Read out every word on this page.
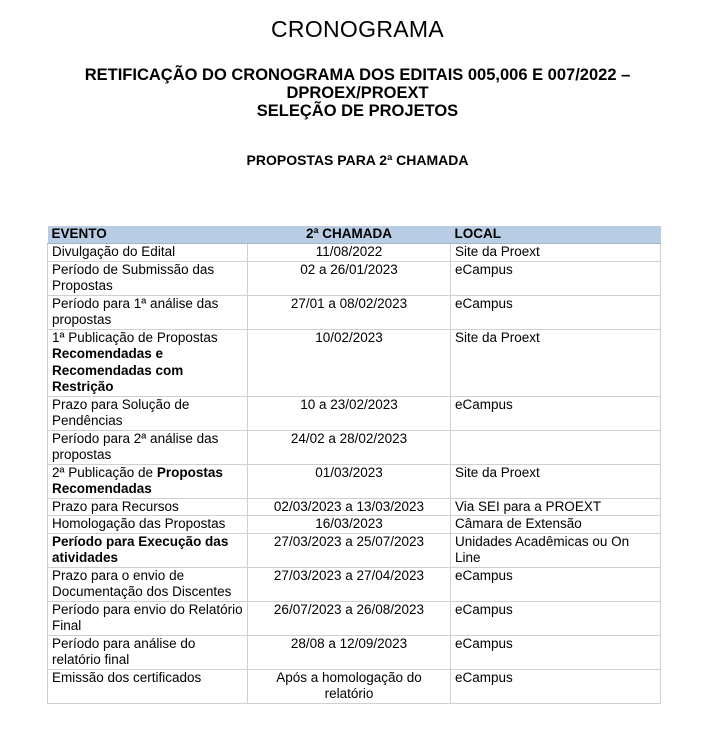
CRONOGRAMA
RETIFICAÇÃO DO CRONOGRAMA DOS EDITAIS 005,006 E 007/2022 –
DPROEX/PROEXT
SELEÇÃO DE PROJETOS
PROPOSTAS PARA 2ª CHAMADA
EVENTO	2ª CHAMADA	LOCAL
Divulgação do Edital	11/08/2022	Site da Proext
Período de Submissão das Propostas	02 a 26/01/2023	eCampus
Período para 1ª análise das propostas	27/01 a 08/02/2023	eCampus
1ª Publicação de Propostas Recomendadas e Recomendadas com Restrição	10/02/2023	Site da Proext
Prazo para Solução de Pendências	10 a 23/02/2023	eCampus
Período para 2ª análise das propostas	24/02 a 28/02/2023	
2ª Publicação de Propostas Recomendadas	01/03/2023	Site da Proext
Prazo para Recursos	02/03/2023 a 13/03/2023	Via SEI para a PROEXT
Homologação das Propostas	16/03/2023	Câmara de Extensão
Período para Execução das atividades	27/03/2023 a 25/07/2023	Unidades Acadêmicas ou On Line
Prazo para o envio de Documentação dos Discentes	27/03/2023 a 27/04/2023	eCampus
Período para envio do Relatório Final	26/07/2023 a 26/08/2023	eCampus
Período para análise do relatório final	28/08 a 12/09/2023	eCampus
Emissão dos certificados	Após a homologação do relatório	eCampus
